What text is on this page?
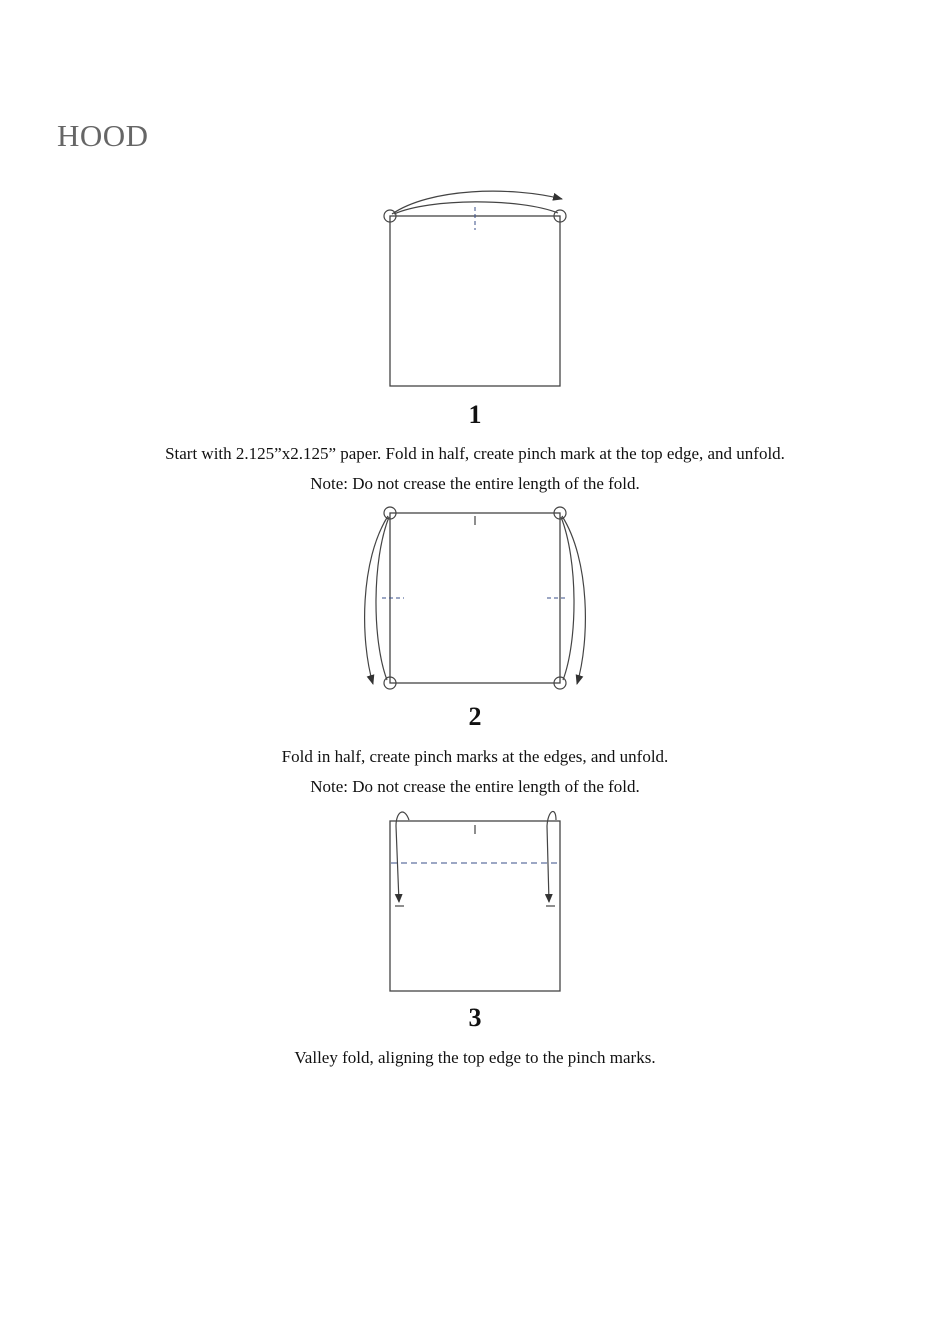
HOOD
1
Start with 2.125”x2.125” paper. Fold in half, create pinch mark at the top edge, and unfold.
Note: Do not crease the entire length of the fold.
2
Fold in half, create pinch marks at the edges, and unfold.
Note: Do not crease the entire length of the fold.
3
Valley fold, aligning the top edge to the pinch marks.
